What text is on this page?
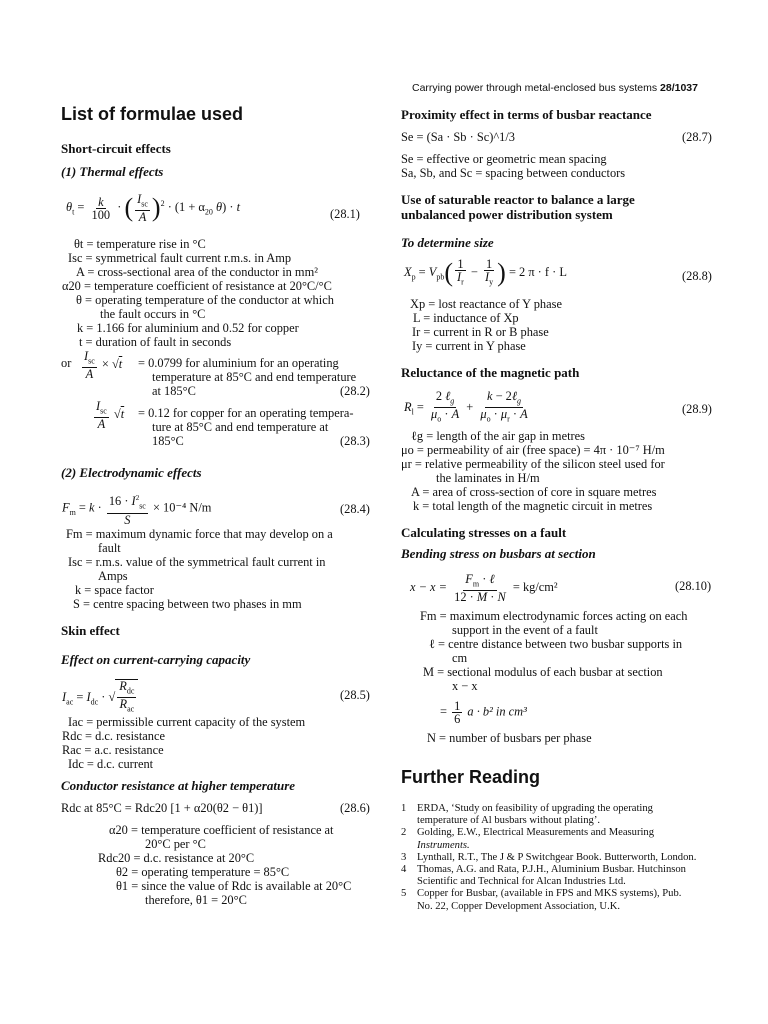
Carrying power through metal-enclosed bus systems 28/1037
List of formulae used
Short-circuit effects
(1) Thermal effects
$\theta_t = \frac{k}{100}$ · ( $\frac{I_{sc}}{A} )^2 \cdot (1 + \alpha_{20}$ θ) · t	(28.1)
θt = temperature rise in °C
Isc = symmetrical fault current r.m.s. in Amp
A = cross-sectional area of the conductor in mm²
α20 = temperature coefficient of resistance at 20°C/°C
θ = operating temperature of the conductor at which
the fault occurs in °C
k = 1.166 for aluminium and 0.52 for copper
t = duration of fault in seconds
or $\frac{I_{sc}}{A} \times √t = 0.0799$ for aluminium for an operating
temperature at 85°C and end temperature
at 185°C	(28.2)
$\frac{I_{sc}}{A} √t = 0.12$ for copper for an operating tempera-
ture at 85°C and end temperature at
185°C	(28.3)
(2) Electrodynamic effects
$F_m = k \cdot \frac{16 \cdot I^2_{sc}}{S} \times 10^{-4}$ N/m	(28.4)
Fm = maximum dynamic force that may develop on a
fault
Isc = r.m.s. value of the symmetrical fault current in
Amps
k = space factor
S = centre spacing between two phases in mm
Skin effect
Effect on current-carrying capacity
$I_{ac} = I_{dc}$ · √ $\frac{R_{dc}}{R_{ac}}$	(28.5)
Iac = permissible current capacity of the system
Rdc = d.c. resistance
Rac = a.c. resistance
Idc = d.c. current
Conductor resistance at higher temperature
Rdc at 85°C = Rdc20 [1 + α20(θ2 − θ1)]	(28.6)
α20 = temperature coefficient of resistance at
20°C per °C
Rdc20 = d.c. resistance at 20°C
θ2 = operating temperature = 85°C
θ1 = since the value of Rdc is available at 20°C
therefore, θ1 = 20°C
Proximity effect in terms of busbar reactance
Se = (Sa · Sb · Sc)^1/3	(28.7)
Se = effective or geometric mean spacing
Sa, Sb, and Sc = spacing between conductors
Use of saturable reactor to balance a large
unbalanced power distribution system
To determine size
$X_p = V_{pb}( \frac{1}{I_r} - \frac{1}{I_y}$ ) = 2 π · f · L	(28.8)
Xp = lost reactance of Y phase
L = inductance of Xp
Ir = current in R or B phase
Iy = current in Y phase
Reluctance of the magnetic path
$R_l = \frac{2 \ell_g}{\mu_o \cdot A} + \frac{k - 2\ell_g}{\mu_o \cdot \mu_r \cdot A}$	(28.9)
ℓg = length of the air gap in metres
μo = permeability of air (free space) = 4π · 10⁻⁷ H/m
μr = relative permeability of the silicon steel used for
the laminates in H/m
A = area of cross-section of core in square metres
k = total length of the magnetic circuit in metres
Calculating stresses on a fault
Bending stress on busbars at section
$x - x = \frac{F_m \cdot \ell}{12 \cdot M \cdot N} = kg/cm^2$	(28.10)
Fm = maximum electrodynamic forces acting on each
support in the event of a fault
ℓ = centre distance between two busbar supports in
cm
M = sectional modulus of each busbar at section
x − x
= $\frac{1}{6}$ a · b² in cm³
N = number of busbars per phase
Further Reading
1	ERDA, ‘Study on feasibility of upgrading the operating
temperature of Al busbars without plating’.
2	Golding, E.W., Electrical Measurements and Measuring
Instruments.
3	Lynthall, R.T., The J & P Switchgear Book. Butterworth, London.
4	Thomas, A.G. and Rata, P.J.H., Aluminium Busbar. Hutchinson
Scientific and Technical for Alcan Industries Ltd.
5	Copper for Busbar, (available in FPS and MKS systems), Pub.
No. 22, Copper Development Association, U.K.
